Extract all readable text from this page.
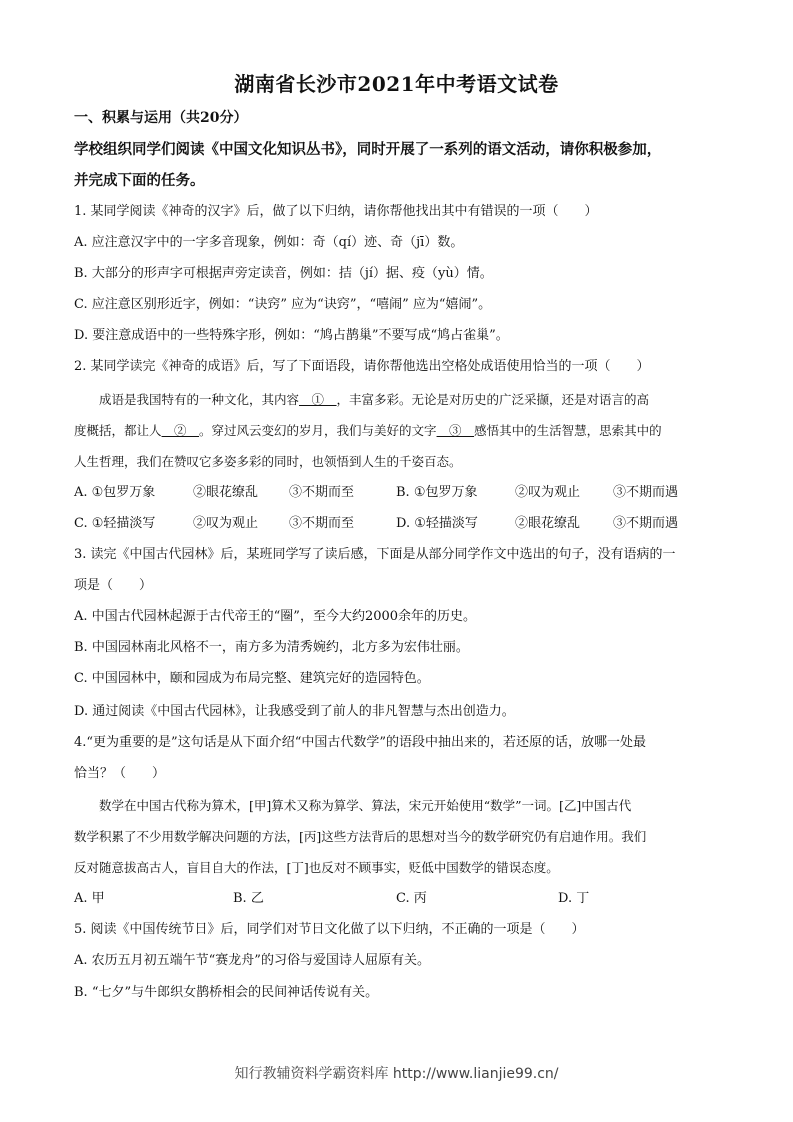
湖南省长沙市2021年中考语文试卷
一、积累与运用（共20分）
学校组织同学们阅读《中国文化知识丛书》，同时开展了一系列的语文活动，请你积极参加，
并完成下面的任务。
1. 某同学阅读《神奇的汉字》后，做了以下归纳，请你帮他找出其中有错误的一项（　　）
A. 应注意汉字中的一字多音现象，例如：奇（qí）迹、奇（jī）数。
B. 大部分的形声字可根据声旁定读音，例如：拮（jí）据、疫（yù）情。
C. 应注意区别形近字，例如：“诀窍” 应为“诀窍”，“嘻闹” 应为“嬉闹”。
D. 要注意成语中的一些特殊字形，例如：“鸠占鹊巢”不要写成“鸠占雀巢”。
2. 某同学读完《神奇的成语》后，写了下面语段，请你帮他选出空格处成语使用恰当的一项（　　）
　　成语是我国特有的一种文化，其内容　①　，丰富多彩。无论是对历史的广泛采撷，还是对语言的高
度概括，都让人　②　。穿过风云变幻的岁月，我们与美好的文字　③　感悟其中的生活智慧，思索其中的
人生哲理，我们在赞叹它多姿多彩的同时，也领悟到人生的千姿百态。
A. ①包罗万象	②眼花缭乱 ③不期而至	B. ①包罗万象	②叹为观止	③不期而遇
C. ①轻描淡写	②叹为观止 ③不期而至	D. ①轻描淡写	②眼花缭乱	③不期而遇
3. 读完《中国古代园林》后，某班同学写了读后感，下面是从部分同学作文中选出的句子，没有语病的一
项是（　　）
A. 中国古代园林起源于古代帝王的“圈”，至今大约2000余年的历史。
B. 中国园林南北风格不一，南方多为清秀婉约，北方多为宏伟壮丽。
C. 中国园林中，颐和园成为布局完整、建筑完好的造园特色。
D. 通过阅读《中国古代园林》，让我感受到了前人的非凡智慧与杰出创造力。
4.“更为重要的是”这句话是从下面介绍“中国古代数学”的语段中抽出来的，若还原的话，放哪一处最
恰当？（　　）
　　数学在中国古代称为算术，[甲]算术又称为算学、算法，宋元开始使用“数学”一词。[乙]中国古代
数学积累了不少用数学解决问题的方法，[丙]这些方法背后的思想对当今的数学研究仍有启迪作用。我们
反对随意拔高古人，盲目自大的作法，[丁]也反对不顾事实，贬低中国数学的错误态度。
A. 甲	B. 乙	C. 丙	D. 丁
5. 阅读《中国传统节日》后，同学们对节日文化做了以下归纳，不正确的一项是（　　）
A. 农历五月初五端午节“赛龙舟”的习俗与爱国诗人屈原有关。
B. “七夕”与牛郎织女鹊桥相会的民间神话传说有关。
知行教辅资料学霸资料库 http://www.lianjie99.cn/
